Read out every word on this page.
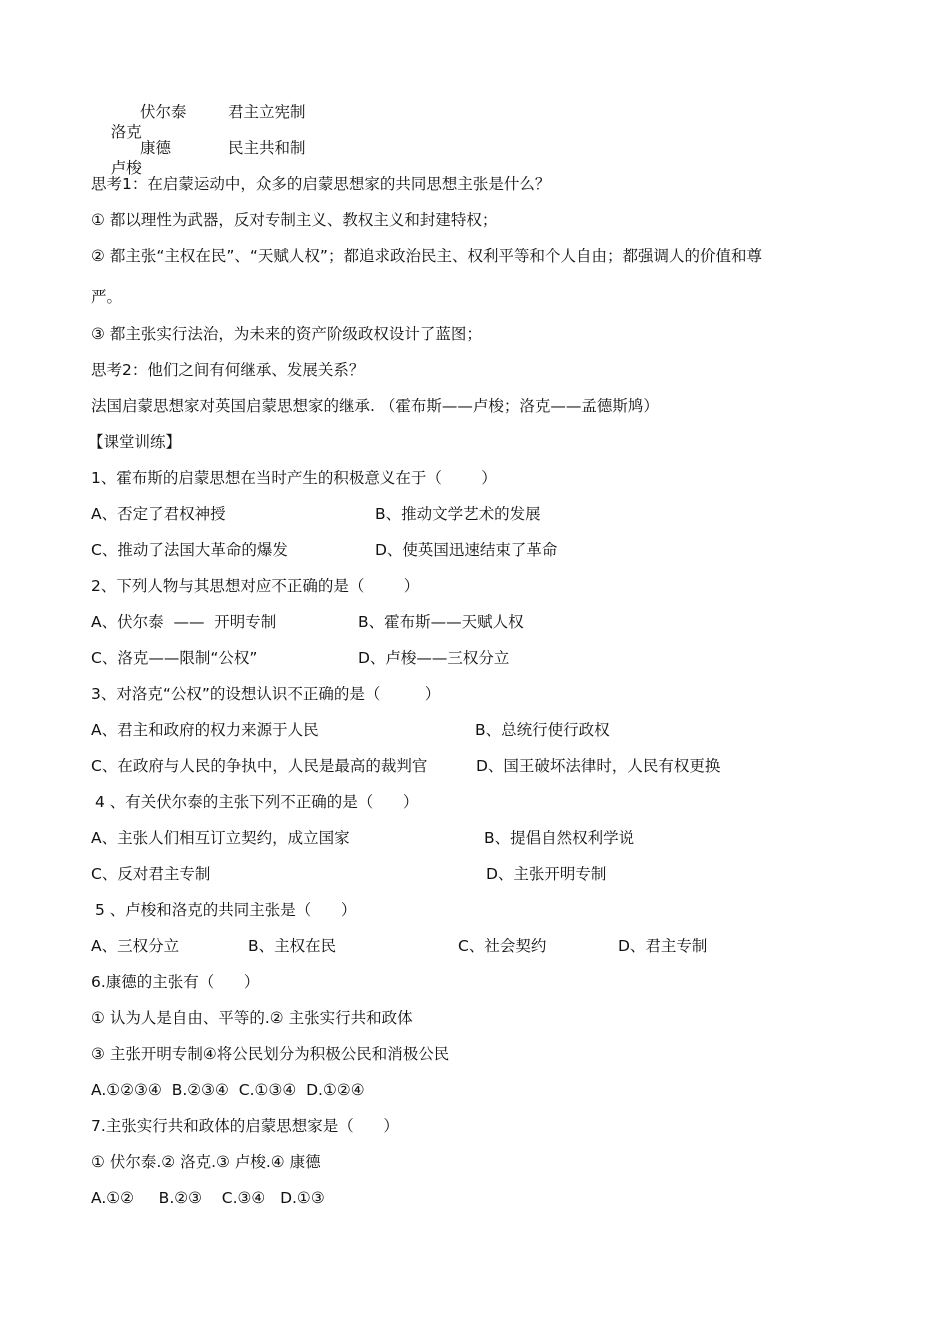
洛克

伏尔泰	君主立宪制

卢梭

康德	民主共和制
思考1：在启蒙运动中，众多的启蒙思想家的共同思想主张是什么？
① 都以理性为武器，反对专制主义、教权主义和封建特权；
② 都主张“主权在民”、“天赋人权”；都追求政治民主、权利平等和个人自由；都强调人的价值和尊
严。
③ 都主张实行法治，为未来的资产阶级政权设计了蓝图；
思考2：他们之间有何继承、发展关系？
法国启蒙思想家对英国启蒙思想家的继承. （霍布斯——卢梭；洛克——孟德斯鸠）
【课堂训练】
1、霍布斯的启蒙思想在当时产生的积极意义在于（        ）
A、否定了君权神授	B、推动文学艺术的发展
C、推动了法国大革命的爆发	D、使英国迅速结束了革命
2、下列人物与其思想对应不正确的是（        ）
A、伏尔泰  ——  开明专制	B、霍布斯——天赋人权
C、洛克——限制“公权”	D、卢梭——三权分立
3、对洛克“公权”的设想认识不正确的是（         ）
A、君主和政府的权力来源于人民	B、总统行使行政权
C、在政府与人民的争执中，人民是最高的裁判官	D、国王破坏法律时，人民有权更换
4 、有关伏尔泰的主张下列不正确的是（      ）
A、主张人们相互订立契约，成立国家	B、提倡自然权利学说
C、反对君主专制	D、主张开明专制
5 、卢梭和洛克的共同主张是（      ）
A、三权分立	B、主权在民	C、社会契约	D、君主专制
6.康德的主张有（      ）
① 认为人是自由、平等的.② 主张实行共和政体
③ 主张开明专制④将公民划分为积极公民和消极公民
A.①②③④  B.②③④  C.①③④  D.①②④
7.主张实行共和政体的启蒙思想家是（      ）
① 伏尔泰.② 洛克.③ 卢梭.④ 康德
A.①②     B.②③    C.③④   D.①③
